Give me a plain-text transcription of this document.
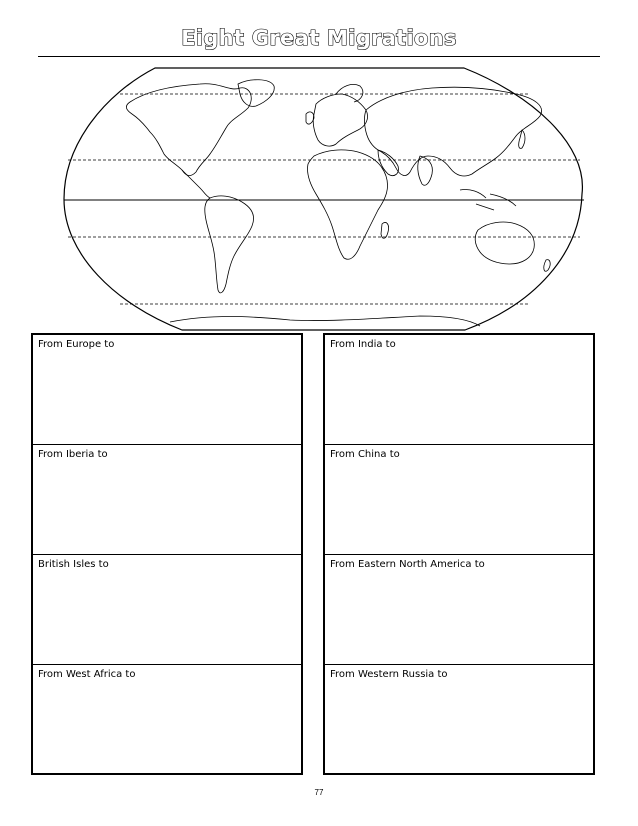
Eight Great Migrations
From Europe to
From Iberia to
British Isles to
From West Africa to
From India to
From China to
From Eastern North America to
From Western Russia to
77
